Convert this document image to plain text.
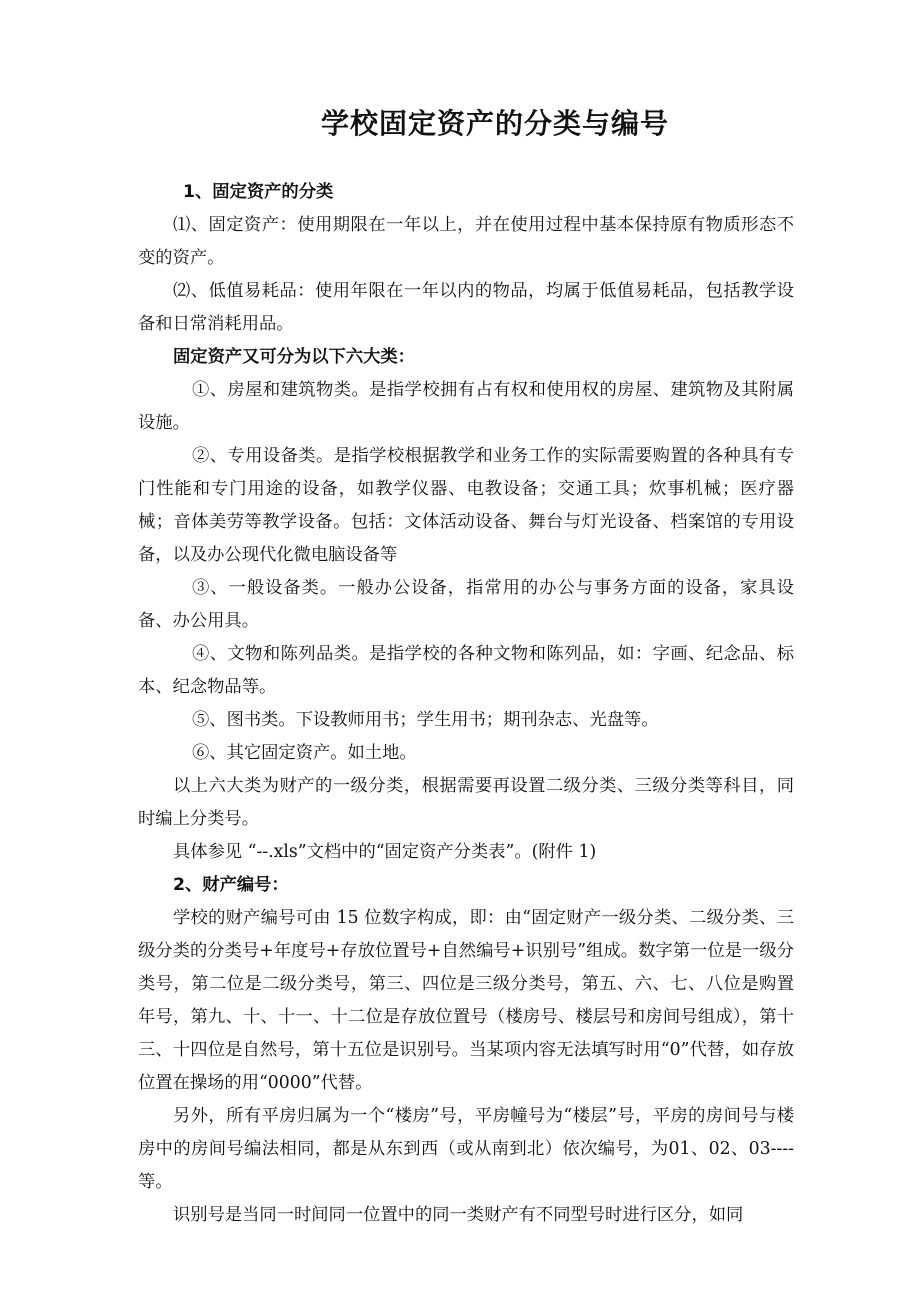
学校固定资产的分类与编号

1、固定资产的分类

⑴、固定资产：使用期限在一年以上，并在使用过程中基本保持原有物质形态不变的资产。

⑵、低值易耗品：使用年限在一年以内的物品，均属于低值易耗品，包括教学设备和日常消耗用品。

固定资产又可分为以下六大类：

①、房屋和建筑物类。是指学校拥有占有权和使用权的房屋、建筑物及其附属设施。

②、专用设备类。是指学校根据教学和业务工作的实际需要购置的各种具有专门性能和专门用途的设备，如教学仪器、电教设备；交通工具；炊事机械；医疗器械；音体美劳等教学设备。包括：文体活动设备、舞台与灯光设备、档案馆的专用设备，以及办公现代化微电脑设备等

③、一般设备类。一般办公设备，指常用的办公与事务方面的设备，家具设备、办公用具。

④、文物和陈列品类。是指学校的各种文物和陈列品，如：字画、纪念品、标本、纪念物品等。

⑤、图书类。下设教师用书；学生用书；期刊杂志、光盘等。

⑥、其它固定资产。如土地。

以上六大类为财产的一级分类，根据需要再设置二级分类、三级分类等科目，同时编上分类号。

具体参见 “--.xls”文档中的“固定资产分类表”。(附件 1)

2、财产编号：

学校的财产编号可由 15 位数字构成，即：由“固定财产一级分类、二级分类、三级分类的分类号+年度号+存放位置号+自然编号+识别号”组成。数字第一位是一级分类号，第二位是二级分类号，第三、四位是三级分类号，第五、六、七、八位是购置年号，第九、十、十一、十二位是存放位置号（楼房号、楼层号和房间号组成），第十三、十四位是自然号，第十五位是识别号。当某项内容无法填写时用“0”代替，如存放位置在操场的用“0000”代替。

另外，所有平房归属为一个“楼房”号，平房幢号为“楼层”号，平房的房间号与楼房中的房间号编法相同，都是从东到西（或从南到北）依次编号，为01、02、03----等。

识别号是当同一时间同一位置中的同一类财产有不同型号时进行区分，如同
